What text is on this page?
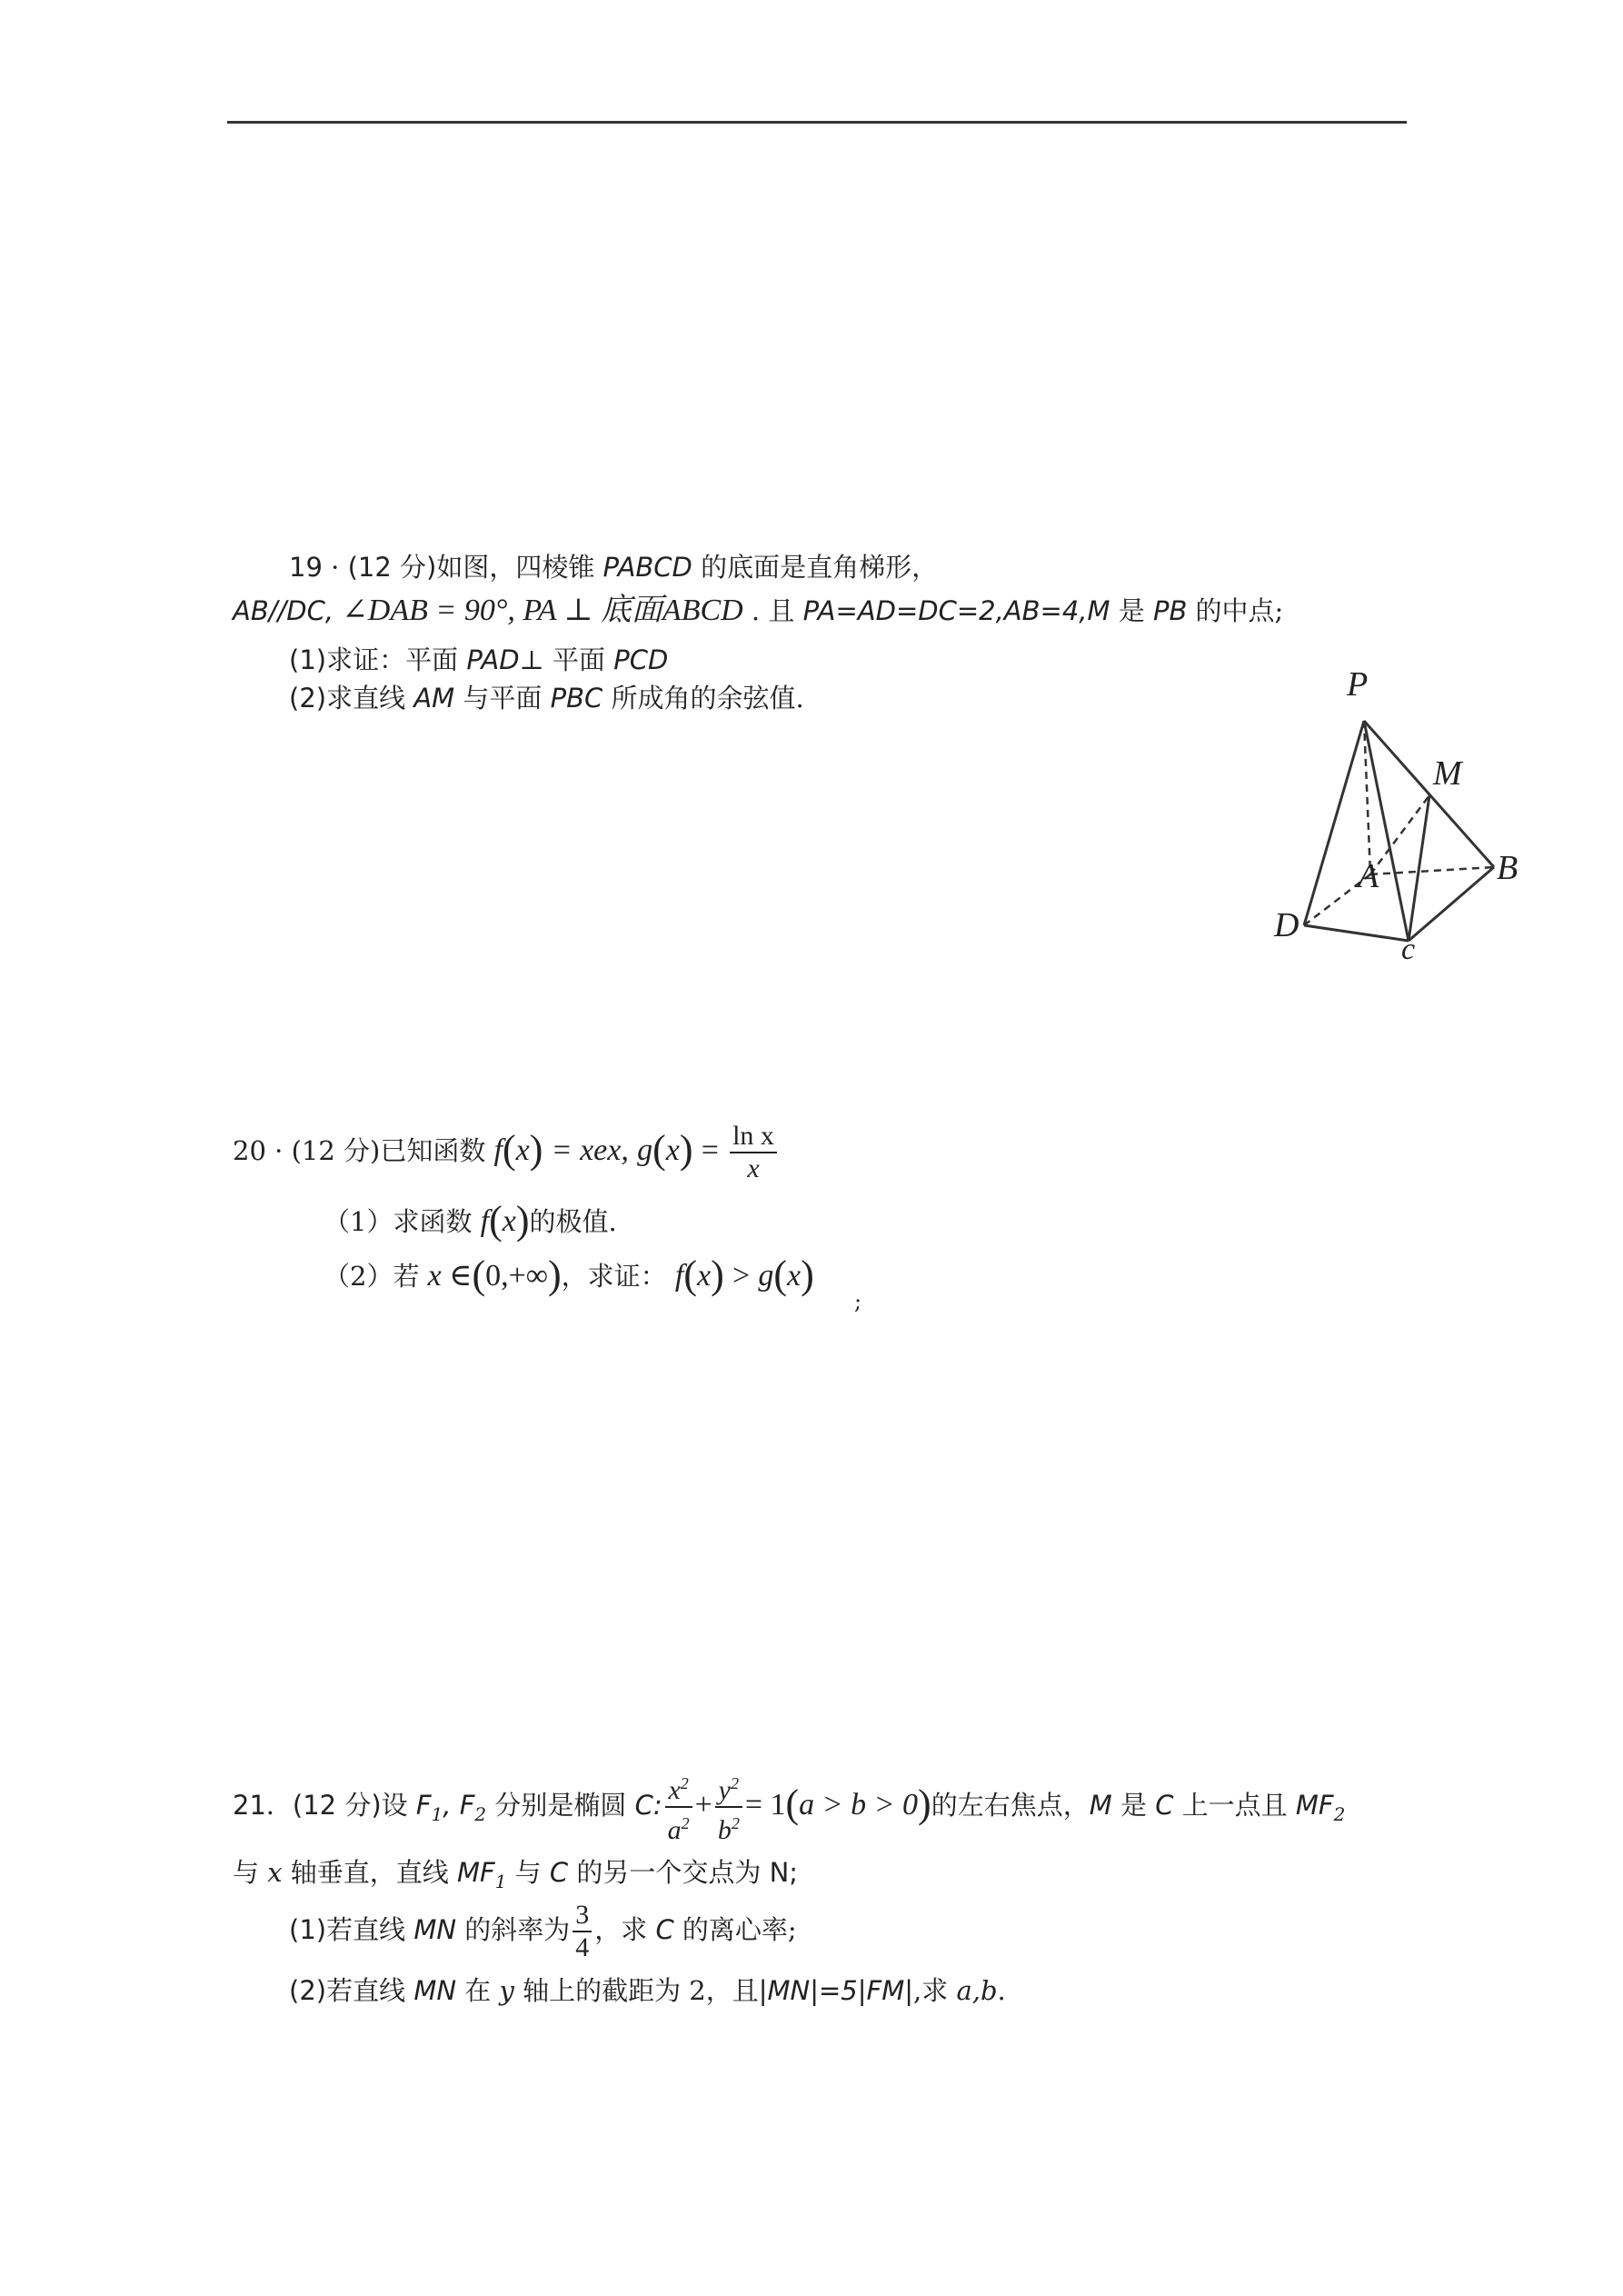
19 · (12 分)如图，四棱锥 PABCD 的底面是直角梯形，
AB//DC, ∠DAB = 90°, PA ⊥ 底面ABCD . 且 PA=AD=DC=2,AB=4,M 是 PB 的中点;
(1)求证：平面 PAD⊥ 平面 PCD
(2)求直线 AM 与平面 PBC 所成角的余弦值.	P
M
A	B
D
c
20 · (12 分)已知函数 f(x) = xex, $g(x) = \frac{\text{ln x}}{x}$
（1）求函数 f(x)的极值.
（2）若 x ∈(0,+∞)，求证： f(x) > g(x)
;
21．(12 分)设 $F_1$, $F_2$ 分别是椭圆 C: $\frac{x^2}{a^2} + \frac{y^2}{b^2} = 1(a > b > 0)$的左右焦点，M 是 C 上一点且 $MF_2$
与 x 轴垂直，直线 $MF_1$ 与 C 的另一个交点为 N;
(1)若直线 MN 的斜率为 $\frac{3}{4}$ ，求 C 的离心率;
(2)若直线 MN 在 y 轴上的截距为 2，且|MN|=5|FM|,求 a,b.
